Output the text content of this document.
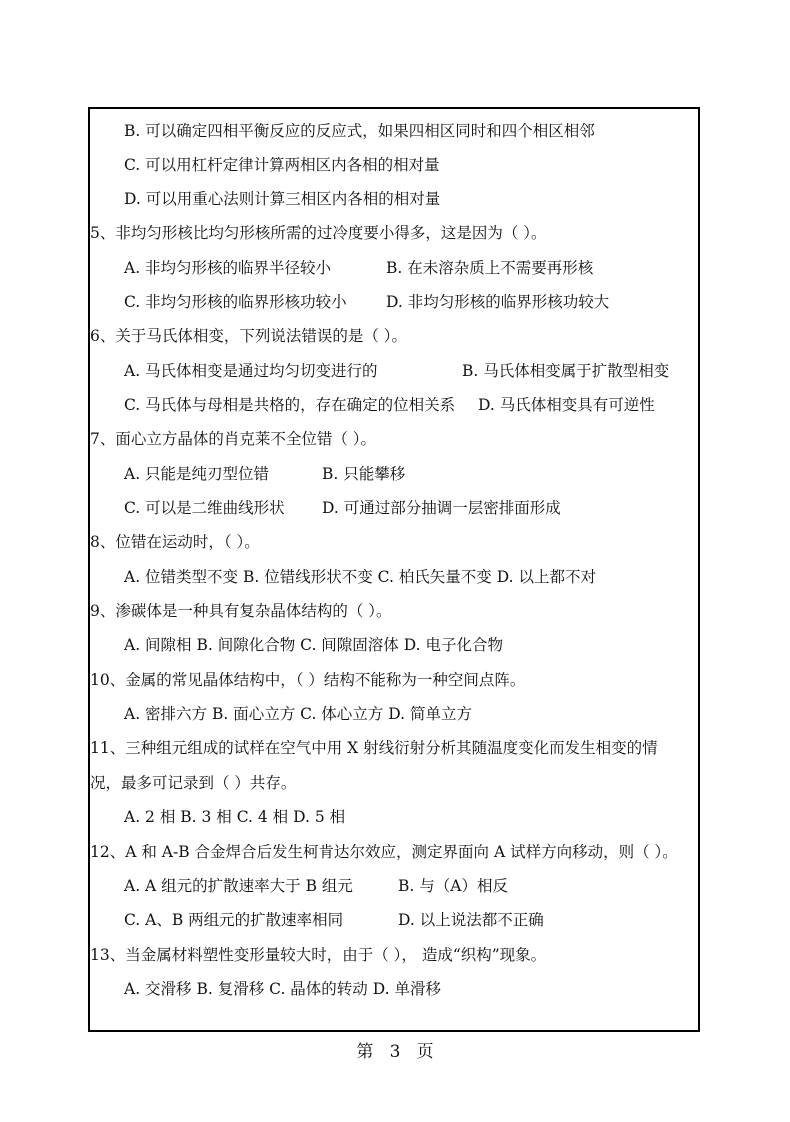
B. 可以确定四相平衡反应的反应式，如果四相区同时和四个相区相邻
C. 可以用杠杆定律计算两相区内各相的相对量
D. 可以用重心法则计算三相区内各相的相对量
5、非均匀形核比均匀形核所需的过冷度要小得多，这是因为（ ）。
A. 非均匀形核的临界半径较小	B. 在未溶杂质上不需要再形核
C. 非均匀形核的临界形核功较小	D. 非均匀形核的临界形核功较大
6、关于马氏体相变，下列说法错误的是（ ）。
A. 马氏体相变是通过均匀切变进行的	B. 马氏体相变属于扩散型相变
C. 马氏体与母相是共格的，存在确定的位相关系 D. 马氏体相变具有可逆性
7、面心立方晶体的肖克莱不全位错（ ）。
A. 只能是纯刃型位错	B. 只能攀移
C. 可以是二维曲线形状 D. 可通过部分抽调一层密排面形成
8、位错在运动时，（ ）。
A. 位错类型不变 B. 位错线形状不变 C. 柏氏矢量不变 D. 以上都不对
9、渗碳体是一种具有复杂晶体结构的（ ）。
A. 间隙相 B. 间隙化合物 C. 间隙固溶体 D. 电子化合物
10、金属的常见晶体结构中，（ ）结构不能称为一种空间点阵。
A. 密排六方 B. 面心立方 C. 体心立方 D. 简单立方
11、三种组元组成的试样在空气中用 X 射线衍射分析其随温度变化而发生相变的情
况，最多可记录到（ ）共存。
A. 2 相 B. 3 相 C. 4 相 D. 5 相
12、A 和 A-B 合金焊合后发生柯肯达尔效应，测定界面向 A 试样方向移动，则（ ）。
A. A 组元的扩散速率大于 B 组元	B. 与（A）相反
C. A、B 两组元的扩散速率相同	D. 以上说法都不正确
13、当金属材料塑性变形量较大时，由于（ ）， 造成“织构”现象。
A. 交滑移 B. 复滑移 C. 晶体的转动 D. 单滑移
第 3 页
